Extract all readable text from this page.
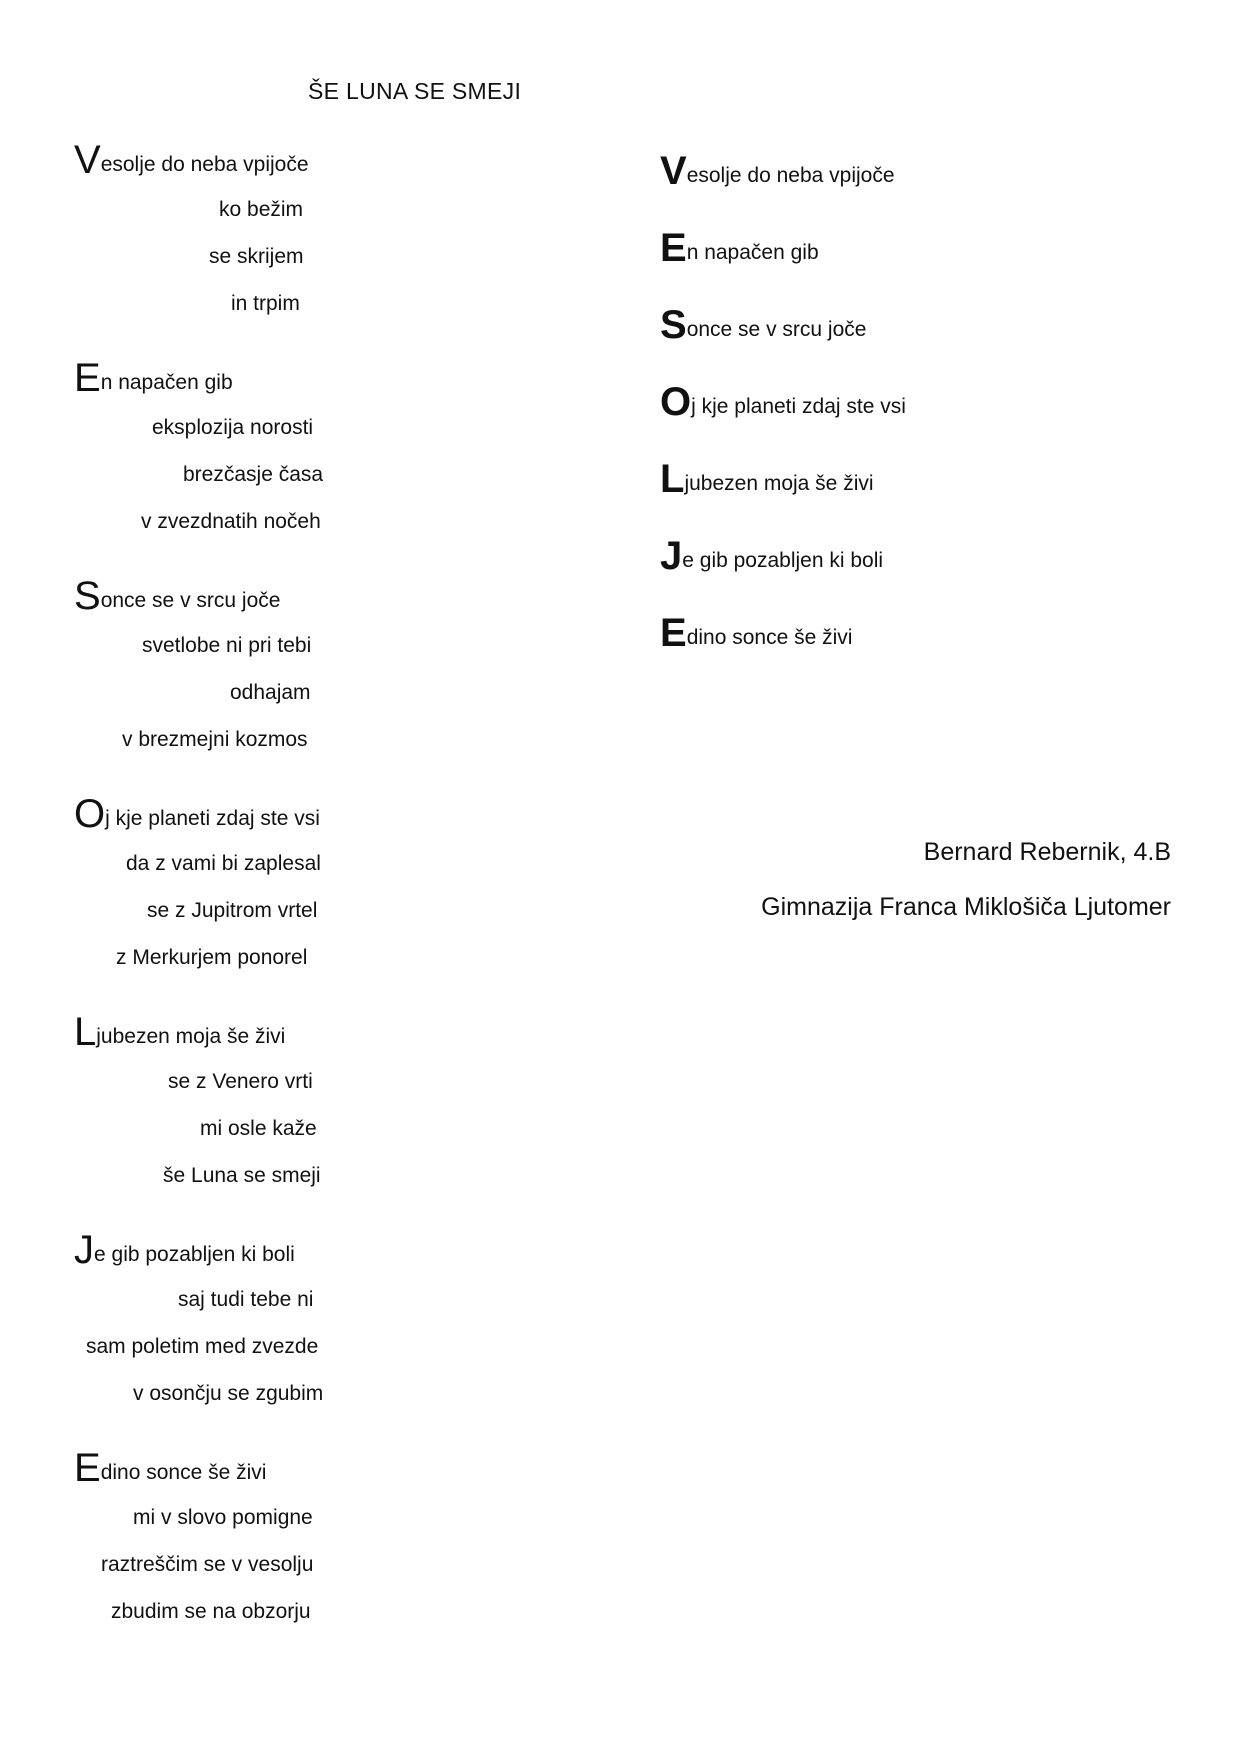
ŠE LUNA SE SMEJI
Vesolje do neba vpijoče
ko bežim
se skrijem
in trpim
En napačen gib
eksplozija norosti
brezčasje časa
v zvezdnatih nočeh
Sonce se v srcu joče
svetlobe ni pri tebi
odhajam
v brezmejni kozmos
Oj kje planeti zdaj ste vsi
da z vami bi zaplesal
se z Jupitrom vrtel
z Merkurjem ponorel
Ljubezen moja še živi
se z Venero vrti
mi osle kaže
še Luna se smeji
Je gib pozabljen ki boli
saj tudi tebe ni
sam poletim med zvezde
v osončju se zgubim
Edino sonce še živi
mi v slovo pomigne
raztreščim se v vesolju
zbudim se na obzorju
Vesolje do neba vpijoče
En napačen gib
Sonce se v srcu joče
Oj kje planeti zdaj ste vsi
Ljubezen moja še živi
Je gib pozabljen ki boli
Edino sonce še živi
Bernard Rebernik, 4.B
Gimnazija Franca Miklošiča Ljutomer
